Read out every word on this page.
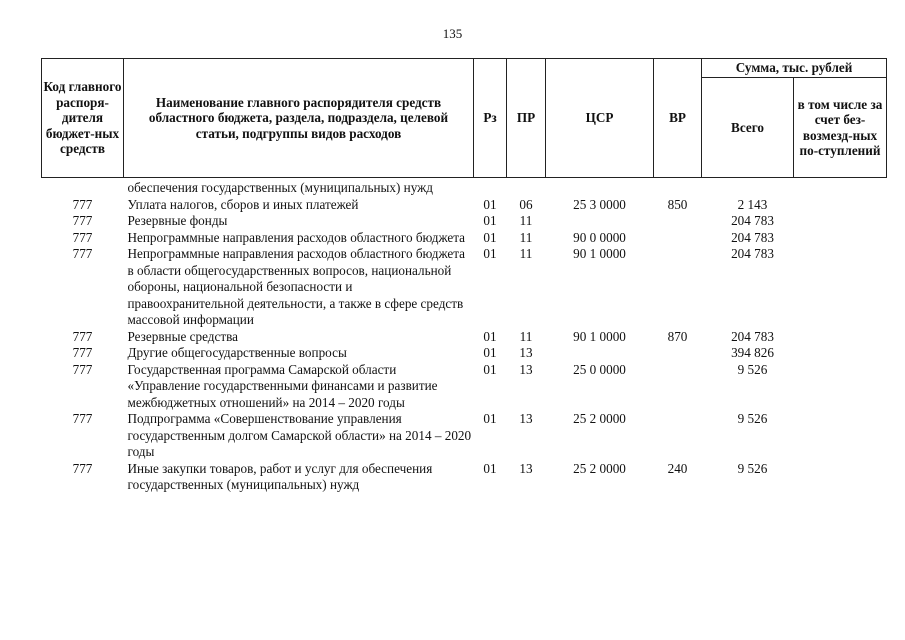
135
Код главного распоря-дителя бюджет-ных средств	Наименование главного распорядителя средств областного бюджета, раздела, подраздела, целевой статьи, подгруппы видов расходов	Рз	ПР	ЦСР	ВР	Сумма, тыс. рублей	
						Всего	в том числе за счет без-возмезд-ных по-ступлений
	обеспечения государственных (муниципальных) нужд						
777	Уплата налогов, сборов и иных платежей	01	06	25 3 0000	850	2 143	
777	Резервные фонды	01	11			204 783	
777	Непрограммные направления расходов областного бюджета	01	11	90 0 0000		204 783	
777	Непрограммные направления расходов областного бюджета в области общегосударственных вопросов, национальной обороны, национальной безопасности и правоохранительной деятельности, а также в сфере средств массовой информации	01	11	90 1 0000		204 783	
777	Резервные средства	01	11	90 1 0000	870	204 783	
777	Другие общегосударственные вопросы	01	13			394 826	
777	Государственная программа Самарской области «Управление государственными финансами и развитие межбюджетных отношений» на 2014 – 2020 годы	01	13	25 0 0000		9 526	
777	Подпрограмма «Совершенствование управления государственным долгом Самарской области» на 2014 – 2020 годы	01	13	25 2 0000		9 526	
777	Иные закупки товаров, работ и услуг для обеспечения государственных (муниципальных) нужд	01	13	25 2 0000	240	9 526	
